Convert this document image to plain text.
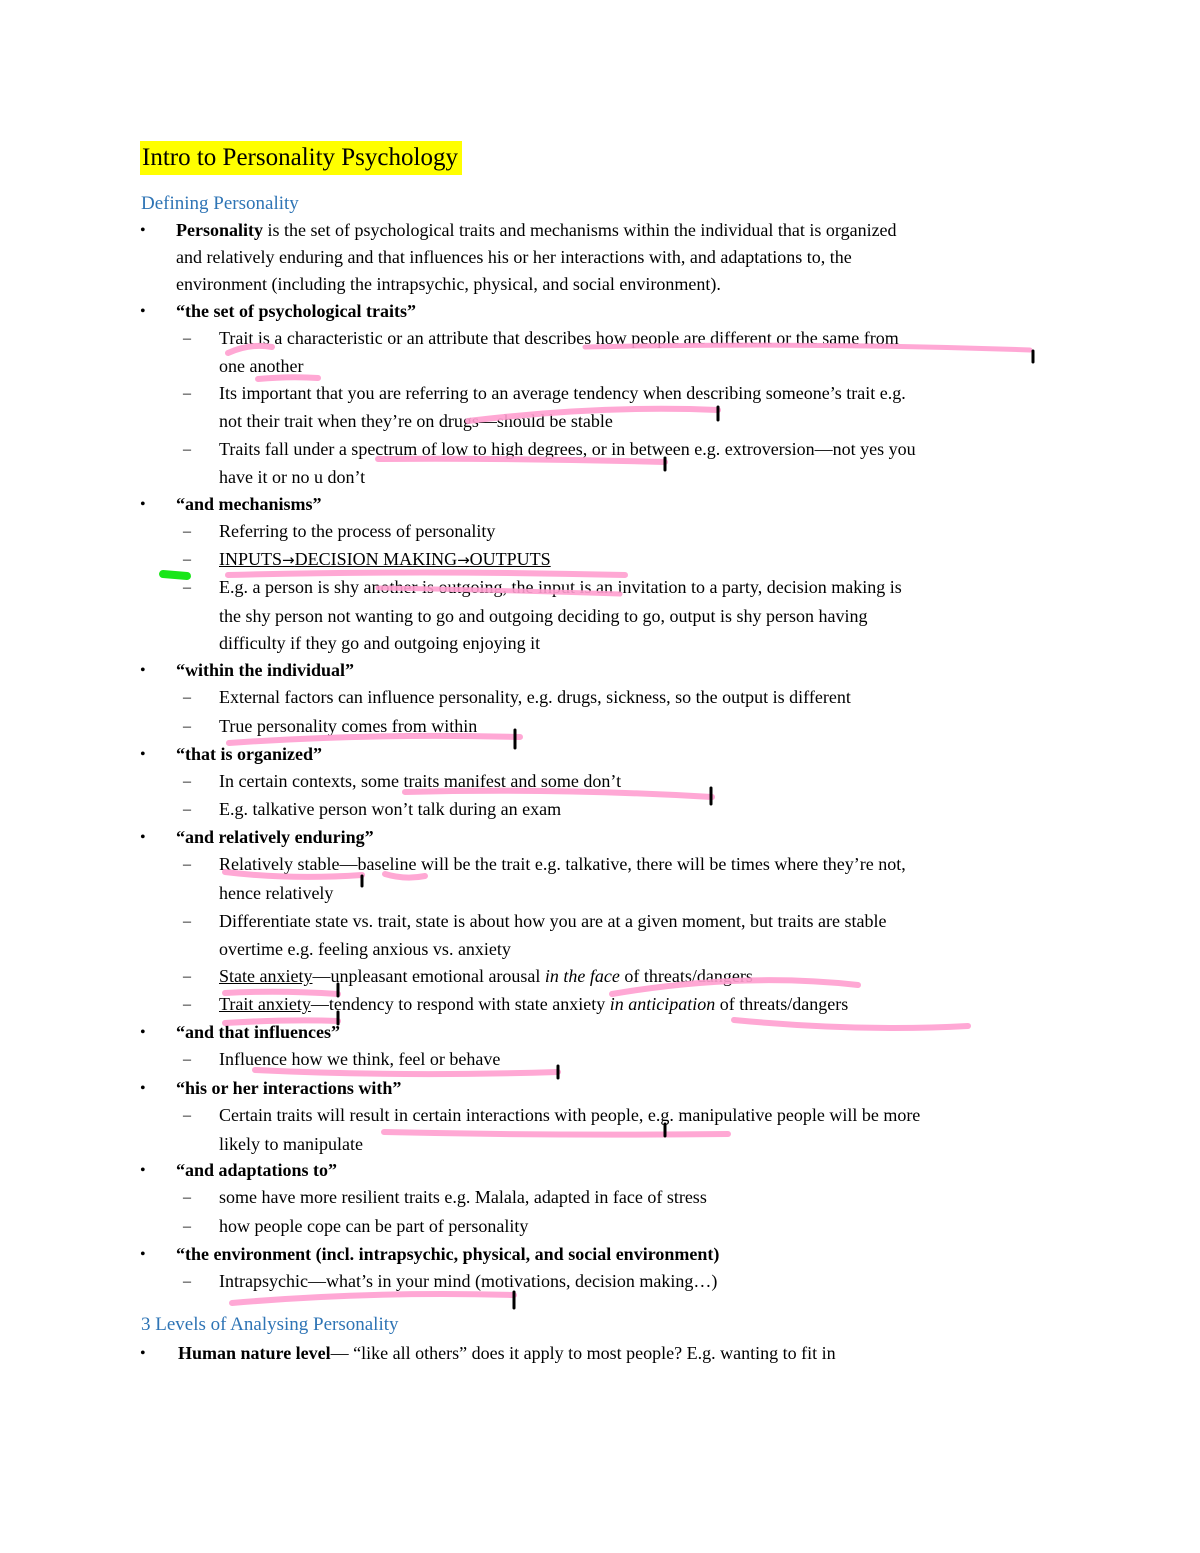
Intro to Personality Psychology
Defining Personality
• Personality is the set of psychological traits and mechanisms within the individual that is organized
and relatively enduring and that influences his or her interactions with, and adaptations to, the
environment (including the intrapsychic, physical, and social environment).
• “the set of psychological traits”
– Trait is a characteristic or an attribute that describes how people are different or the same from
one another
– Its important that you are referring to an average tendency when describing someone’s trait e.g.
not their trait when they’re on drugs—should be stable
– Traits fall under a spectrum of low to high degrees, or in between e.g. extroversion—not yes you
have it or no u don’t
• “and mechanisms”
– Referring to the process of personality
– INPUTS→DECISION MAKING→OUTPUTS
– E.g. a person is shy another is outgoing, the input is an invitation to a party, decision making is
the shy person not wanting to go and outgoing deciding to go, output is shy person having
difficulty if they go and outgoing enjoying it
• “within the individual”
– External factors can influence personality, e.g. drugs, sickness, so the output is different
– True personality comes from within
• “that is organized”
– In certain contexts, some traits manifest and some don’t
– E.g. talkative person won’t talk during an exam
• “and relatively enduring”
– Relatively stable—baseline will be the trait e.g. talkative, there will be times where they’re not,
hence relatively
– Differentiate state vs. trait, state is about how you are at a given moment, but traits are stable
overtime e.g. feeling anxious vs. anxiety
– State anxiety—unpleasant emotional arousal in the face of threats/dangers
– Trait anxiety—tendency to respond with state anxiety in anticipation of threats/dangers
• “and that influences”
– Influence how we think, feel or behave
• “his or her interactions with”
– Certain traits will result in certain interactions with people, e.g. manipulative people will be more
likely to manipulate
• “and adaptations to”
– some have more resilient traits e.g. Malala, adapted in face of stress
– how people cope can be part of personality
• “the environment (incl. intrapsychic, physical, and social environment)
– Intrapsychic—what’s in your mind (motivations, decision making…)
3 Levels of Analysing Personality
• Human nature level— “like all others” does it apply to most people? E.g. wanting to fit in
